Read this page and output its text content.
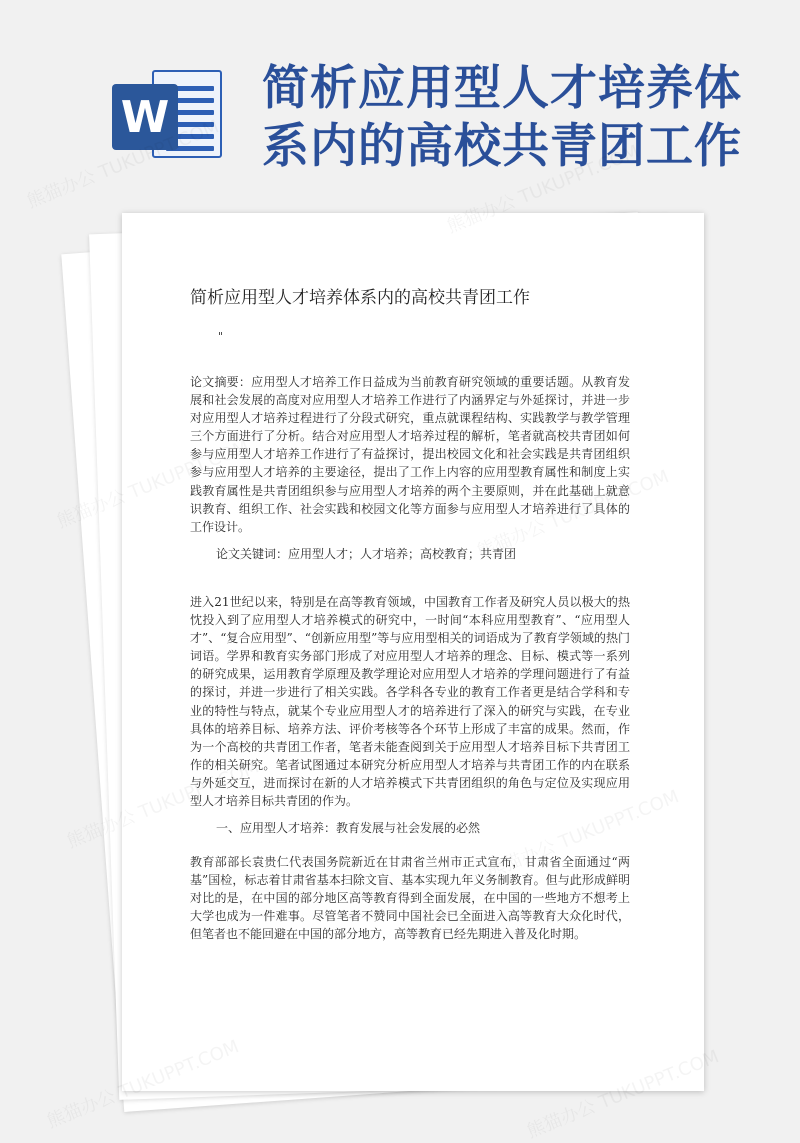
W
简析应用型人才培养体系内的高校共青团工作
简析应用型人才培养体系内的高校共青团工作
"

论文摘要：应用型人才培养工作日益成为当前教育研究领域的重要话题。从教育发展和社会发展的高度对应用型人才培养工作进行了内涵界定与外延探讨，并进一步对应用型人才培养过程进行了分段式研究，重点就课程结构、实践教学与教学管理三个方面进行了分析。结合对应用型人才培养过程的解析，笔者就高校共青团如何参与应用型人才培养工作进行了有益探讨，提出校园文化和社会实践是共青团组织参与应用型人才培养的主要途径，提出了工作上内容的应用型教育属性和制度上实践教育属性是共青团组织参与应用型人才培养的两个主要原则，并在此基础上就意识教育、组织工作、社会实践和校园文化等方面参与应用型人才培养进行了具体的工作设计。

论文关键词：应用型人才；人才培养；高校教育；共青团

进入21世纪以来，特别是在高等教育领域，中国教育工作者及研究人员以极大的热忱投入到了应用型人才培养模式的研究中，一时间“本科应用型教育”、“应用型人才”、“复合应用型”、“创新应用型”等与应用型相关的词语成为了教育学领域的热门词语。学界和教育实务部门形成了对应用型人才培养的理念、目标、模式等一系列的研究成果，运用教育学原理及教学理论对应用型人才培养的学理问题进行了有益的探讨，并进一步进行了相关实践。各学科各专业的教育工作者更是结合学科和专业的特性与特点，就某个专业应用型人才的培养进行了深入的研究与实践，在专业具体的培养目标、培养方法、评价考核等各个环节上形成了丰富的成果。然而，作为一个高校的共青团工作者，笔者未能查阅到关于应用型人才培养目标下共青团工作的相关研究。笔者试图通过本研究分析应用型人才培养与共青团工作的内在联系与外延交互，进而探讨在新的人才培养模式下共青团组织的角色与定位及实现应用型人才培养目标共青团的作为。

一、应用型人才培养：教育发展与社会发展的必然

教育部部长袁贵仁代表国务院新近在甘肃省兰州市正式宣布，甘肃省全面通过“两基”国检，标志着甘肃省基本扫除文盲、基本实现九年义务制教育。但与此形成鲜明对比的是，在中国的部分地区高等教育得到全面发展，在中国的一些地方不想考上大学也成为一件难事。尽管笔者不赞同中国社会已全面进入高等教育大众化时代，但笔者也不能回避在中国的部分地方，高等教育已经先期进入普及化时期。
